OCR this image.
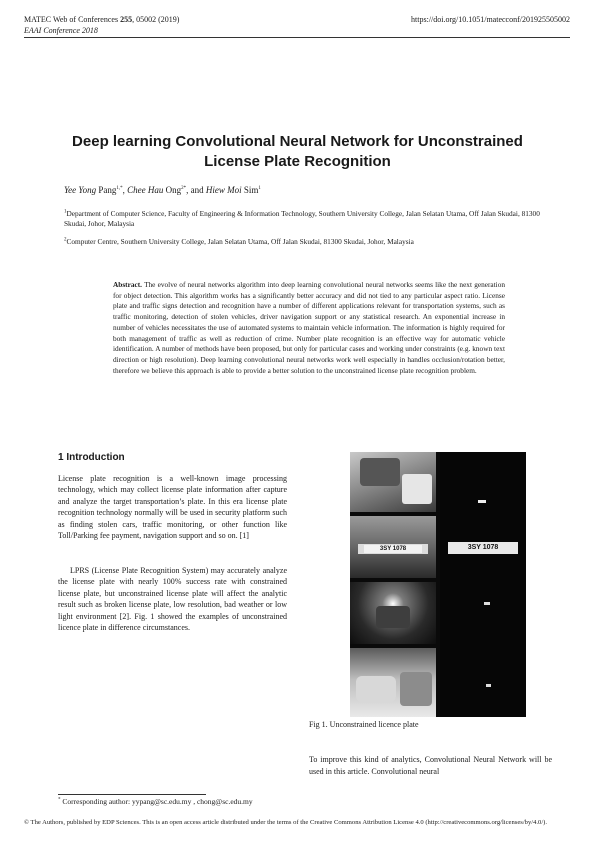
MATEC Web of Conferences 255, 05002 (2019)
EAAI Conference 2018
https://doi.org/10.1051/matecconf/201925505002
Deep learning Convolutional Neural Network for Unconstrained
License Plate Recognition
Yee Yong Pang$^{1,*}$, Chee Hau Ong$^{2*}$, and Hiew Moi Sim$^1$
$^1$Department of Computer Science, Faculty of Engineering & Information Technology, Southern University College, Jalan Selatan Utama, Off Jalan Skudai, 81300 Skudai, Johor, Malaysia
$^2$Computer Centre, Southern University College, Jalan Selatan Utama, Off Jalan Skudai, 81300 Skudai, Johor, Malaysia
Abstract. The evolve of neural networks algorithm into deep learning convolutional neural networks seems like the next generation for object detection. This algorithm works has a significantly better accuracy and did not tied to any particular aspect ratio. License plate and traffic signs detection and recognition have a number of different applications relevant for transportation systems, such as traffic monitoring, detection of stolen vehicles, driver navigation support or any statistical research. An exponential increase in number of vehicles necessitates the use of automated systems to maintain vehicle information. The information is highly required for both management of traffic as well as reduction of crime. Number plate recognition is an effective way for automatic vehicle identification. A number of methods have been proposed, but only for particular cases and working under constraints (e.g. known text direction or high resolution). Deep learning convolutional neural networks work well especially in handles occlusion/rotation better, therefore we believe this approach is able to provide a better solution to the unconstrained license plate recognition problem.
1 Introduction
License plate recognition is a well-known image processing technology, which may collect license plate information after capture and analyze the target transportation’s plate. In this era license plate recognition technology normally will be used in security platform such as finding stolen cars, traffic monitoring, or other function like Toll/Parking fee payment, navigation support and so on. [1]
LPRS (License Plate Recognition System) may accurately analyze the license plate with nearly 100% success rate with constrained license plate, but unconstrained license plate will affect the analytic result such as broken license plate, low resolution, bad weather or low light environment [2]. Fig. 1 showed the examples of unconstrained licence plate in difference circumstances.
3SY 1078	3SY 1078
Fig 1. Unconstrained licence plate
To improve this kind of analytics, Convolutional Neural Network will be used in this article. Convolutional neural
* Corresponding author: yypang@sc.edu.my , chong@sc.edu.my
© The Authors, published by EDP Sciences. This is an open access article distributed under the terms of the Creative Commons Attribution License 4.0 (http://creativecommons.org/licenses/by/4.0/).
